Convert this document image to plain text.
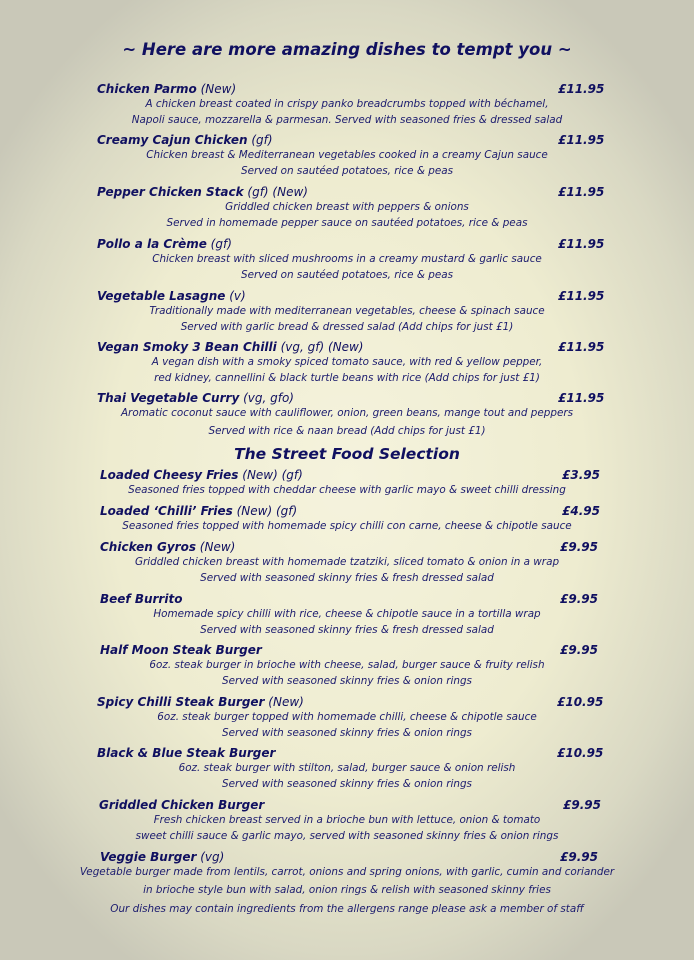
~ Here are more amazing dishes to tempt you ~
Chicken Parmo (New)	£11.95
A chicken breast coated in crispy panko breadcrumbs topped with béchamel,
Napoli sauce, mozzarella & parmesan. Served with seasoned fries & dressed salad
Creamy Cajun Chicken (gf)	£11.95
Chicken breast & Mediterranean vegetables cooked in a creamy Cajun sauce
Served on sautéed potatoes, rice & peas
Pepper Chicken Stack (gf) (New)	£11.95
Griddled chicken breast with peppers & onions
Served in homemade pepper sauce on sautéed potatoes, rice & peas
Pollo a la Crème (gf)	£11.95
Chicken breast with sliced mushrooms in a creamy mustard & garlic sauce
Served on sautéed potatoes, rice & peas
Vegetable Lasagne (v)	£11.95
Traditionally made with mediterranean vegetables, cheese & spinach sauce
Served with garlic bread & dressed salad (Add chips for just £1)
Vegan Smoky 3 Bean Chilli (vg, gf) (New)	£11.95
A vegan dish with a smoky spiced tomato sauce, with red & yellow pepper,
red kidney, cannellini & black turtle beans with rice (Add chips for just £1)
Thai Vegetable Curry (vg, gfo)	£11.95
Aromatic coconut sauce with cauliflower, onion, green beans, mange tout and peppers
Served with rice & naan bread (Add chips for just £1)
The Street Food Selection
Loaded Cheesy Fries (New) (gf)	£3.95
Seasoned fries topped with cheddar cheese with garlic mayo & sweet chilli dressing
Loaded ‘Chilli’ Fries (New) (gf)	£4.95
Seasoned fries topped with homemade spicy chilli con carne, cheese & chipotle sauce
Chicken Gyros (New)	£9.95
Griddled chicken breast with homemade tzatziki, sliced tomato & onion in a wrap
Served with seasoned skinny fries & fresh dressed salad
Beef Burrito	£9.95
Homemade spicy chilli with rice, cheese & chipotle sauce in a tortilla wrap
Served with seasoned skinny fries & fresh dressed salad
Half Moon Steak Burger	£9.95
6oz. steak burger in brioche with cheese, salad, burger sauce & fruity relish
Served with seasoned skinny fries & onion rings
Spicy Chilli Steak Burger (New)	£10.95
6oz. steak burger topped with homemade chilli, cheese & chipotle sauce
Served with seasoned skinny fries & onion rings
Black & Blue Steak Burger	£10.95
6oz. steak burger with stilton, salad, burger sauce & onion relish
Served with seasoned skinny fries & onion rings
Griddled Chicken Burger	£9.95
Fresh chicken breast served in a brioche bun with lettuce, onion & tomato
sweet chilli sauce & garlic mayo, served with seasoned skinny fries & onion rings
Veggie Burger (vg)	£9.95
Vegetable burger made from lentils, carrot, onions and spring onions, with garlic, cumin and coriander
in brioche style bun with salad, onion rings & relish with seasoned skinny fries
Our dishes may contain ingredients from the allergens range please ask a member of staff
